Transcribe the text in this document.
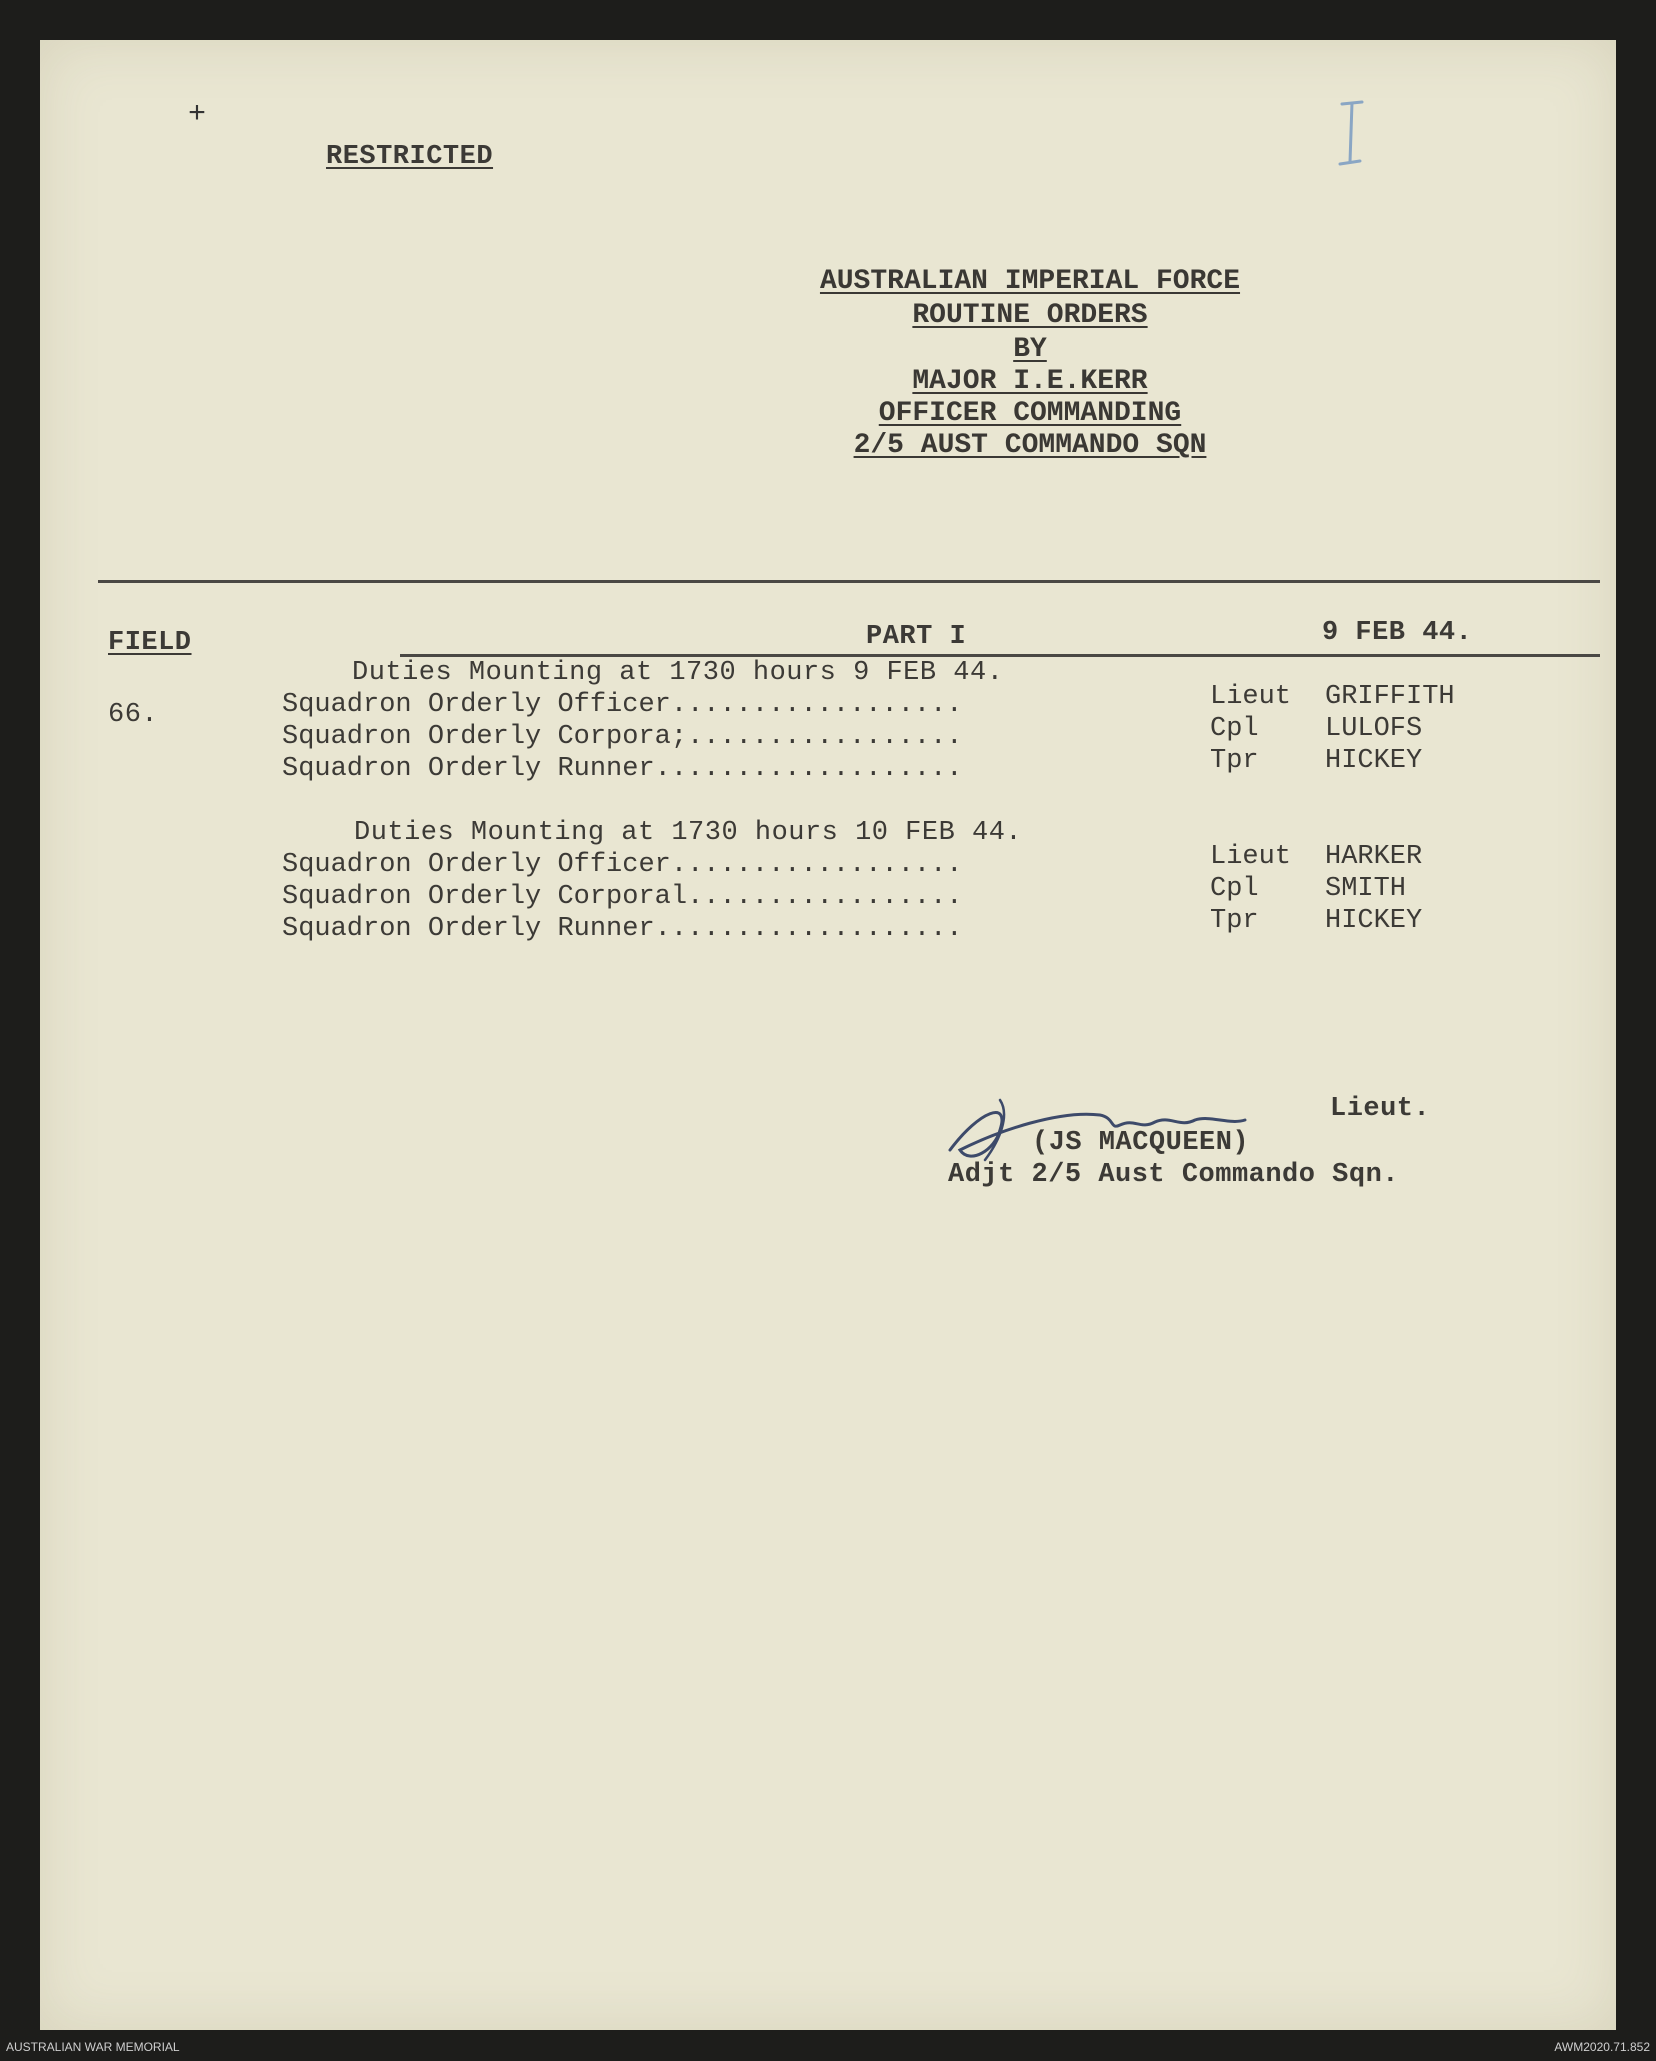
+
RESTRICTED
AUSTRALIAN IMPERIAL FORCE
ROUTINE ORDERS
BY
MAJOR I.E.KERR
OFFICER COMMANDING
2/5 AUST COMMANDO SQN
FIELD	PART I	9 FEB 44.
Duties Mounting at 1730 hours 9 FEB 44.
66.	Squadron Orderly Officer..................	Lieut GRIFFITH
Squadron Orderly Corpora;.................	Cpl LULOFS
Squadron Orderly Runner...................	Tpr HICKEY
Duties Mounting at 1730 hours 10 FEB 44.
Squadron Orderly Officer..................	Lieut HARKER
Squadron Orderly Corporal.................	Cpl SMITH
Squadron Orderly Runner...................	Tpr HICKEY
Lieut.
(JS MACQUEEN)
Adjt 2/5 Aust Commando Sqn.
AUSTRALIAN WAR MEMORIAL	AWM2020.71.852
